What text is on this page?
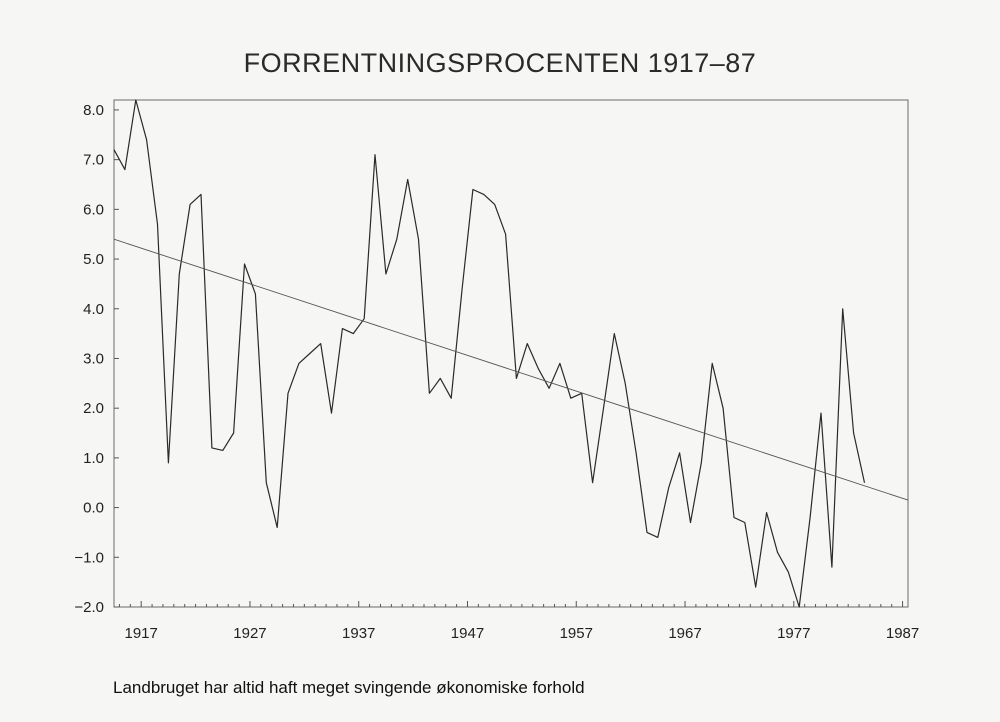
FORRENTNINGSPROCENTEN 1917–87
8.0
7.0
6.0
5.0
4.0
3.0
2.0
1.0
0.0
−1.0
−2.0
1917	1927	1937	1947	1957	1967	1977	1987
Landbruget har altid haft meget svingende økonomiske forhold
